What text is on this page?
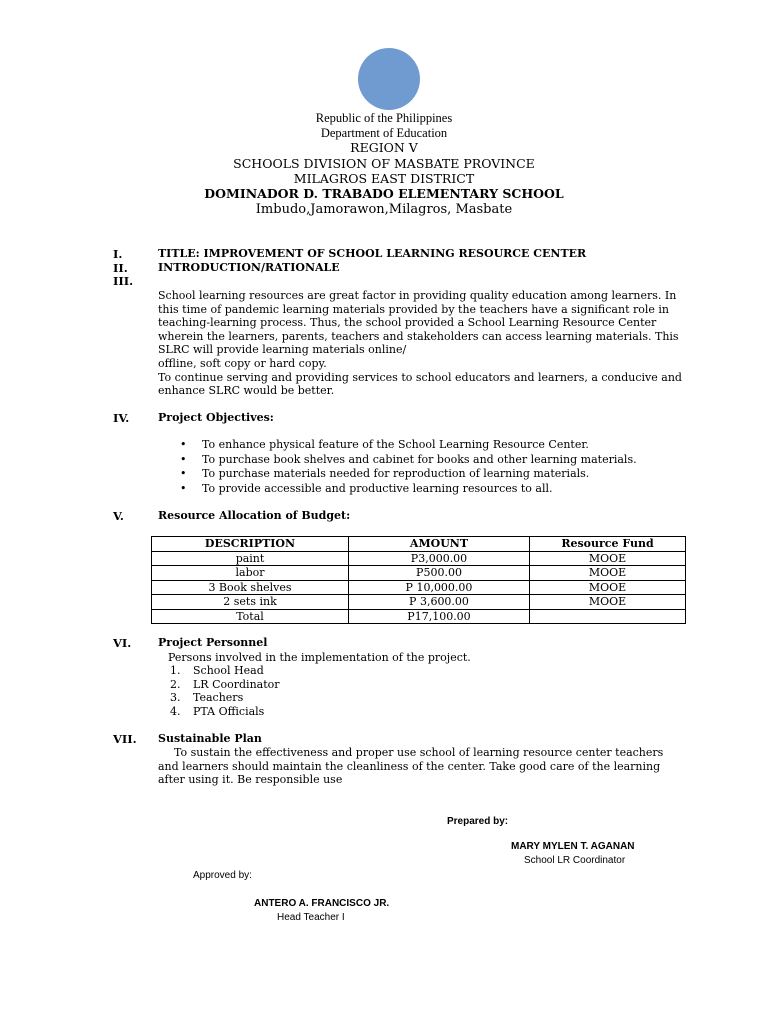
Republic of the Philippines
Department of Education
REGION V
SCHOOLS DIVISION OF MASBATE PROVINCE
MILAGROS EAST DISTRICT
DOMINADOR D. TRABADO ELEMENTARY SCHOOL
Imbudo,Jamorawon,Milagros, Masbate
I.	TITLE: IMPROVEMENT OF SCHOOL LEARNING RESOURCE CENTER
II.	INTRODUCTION/RATIONALE
III.
School learning resources are great factor in providing quality education among learners. In
this time of pandemic learning materials provided by the teachers have a significant role in
teaching-learning process. Thus, the school provided a School Learning Resource Center
wherein the learners, parents, teachers and stakeholders can access learning materials. This
SLRC will provide learning materials online/
offline, soft copy or hard copy.
To continue serving and providing services to school educators and learners, a conducive and
enhance SLRC would be better.
IV.	Project Objectives:
• To enhance physical feature of the School Learning Resource Center.
• To purchase book shelves and cabinet for books and other learning materials.
• To purchase materials needed for reproduction of learning materials.
• To provide accessible and productive learning resources to all.
V.	Resource Allocation of Budget:
DESCRIPTION	AMOUNT	Resource Fund
paint	P3,000.00	MOOE
labor	P500.00	MOOE
3 Book shelves	P 10,000.00	MOOE
2 sets ink	P 3,600.00	MOOE
Total	P17,100.00	
VI. Project Personnel
Persons involved in the implementation of the project.
1. School Head
2. LR Coordinator
3. Teachers
4. PTA Officials
VII. Sustainable Plan
To sustain the effectiveness and proper use school of learning resource center teachers
and learners should maintain the cleanliness of the center. Take good care of the learning
after using it. Be responsible use
Prepared by:
MARY MYLEN T. AGANAN
School LR Coordinator
Approved by:
ANTERO A. FRANCISCO JR.
Head Teacher I
